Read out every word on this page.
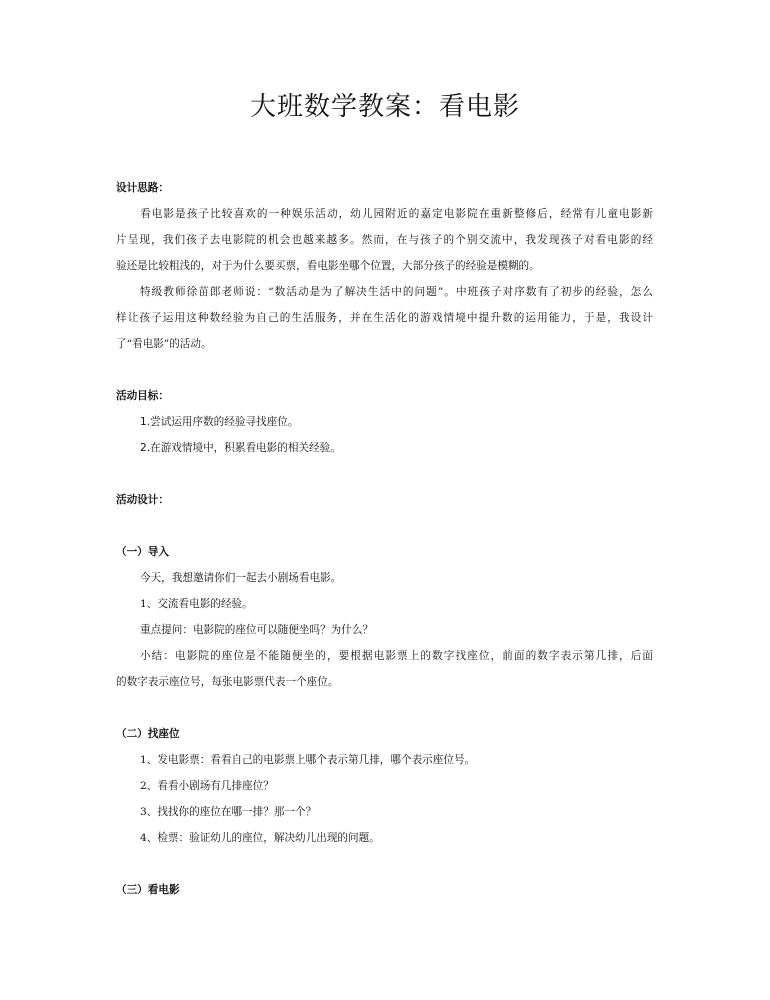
大班数学教案：看电影
设计思路：
看电影是孩子比较喜欢的一种娱乐活动，幼儿园附近的嘉定电影院在重新整修后，经常有儿童电影新
片呈现，我们孩子去电影院的机会也越来越多。然而，在与孩子的个别交流中，我发现孩子对看电影的经
验还是比较粗浅的，对于为什么要买票，看电影坐哪个位置，大部分孩子的经验是模糊的。
特级教师徐苗郎老师说：“数活动是为了解决生活中的问题”。中班孩子对序数有了初步的经验，怎么
样让孩子运用这种数经验为自己的生活服务，并在生活化的游戏情境中提升数的运用能力，于是，我设计
了“看电影”的活动。
活动目标：
1.尝试运用序数的经验寻找座位。
2.在游戏情境中，积累看电影的相关经验。
活动设计：
（一）导入
今天，我想邀请你们一起去小剧场看电影。
1、交流看电影的经验。
重点提问：电影院的座位可以随便坐吗？为什么？
小结：电影院的座位是不能随便坐的，要根据电影票上的数字找座位，前面的数字表示第几排，后面
的数字表示座位号，每张电影票代表一个座位。
（二）找座位
1、发电影票：看看自己的电影票上哪个表示第几排，哪个表示座位号。
2、看看小剧场有几排座位？
3、找找你的座位在哪一排？那一个？
4、检票：验证幼儿的座位，解决幼儿出现的问题。
（三）看电影
